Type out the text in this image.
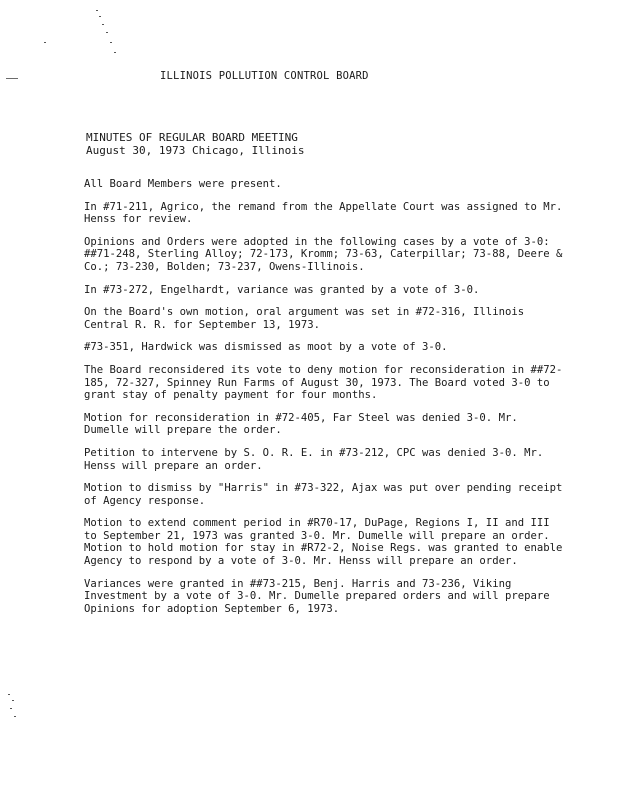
ILLINOIS POLLUTION CONTROL BOARD
MINUTES OF REGULAR BOARD MEETING
August 30, 1973 Chicago, Illinois

All Board Members were present.

In #71-211, Agrico, the remand from the Appellate Court was assigned to Mr. Henss for review.

Opinions and Orders were adopted in the following cases by a vote of 3-0: ##71-248, Sterling Alloy; 72-173, Kromm; 73-63, Caterpillar; 73-88, Deere & Co.; 73-230, Bolden; 73-237, Owens-Illinois.

In #73-272, Engelhardt, variance was granted by a vote of 3-0.

On the Board's own motion, oral argument was set in #72-316, Illinois Central R. R. for September 13, 1973.

#73-351, Hardwick was dismissed as moot by a vote of 3-0.

The Board reconsidered its vote to deny motion for reconsideration in ##72-185, 72-327, Spinney Run Farms of August 30, 1973. The Board voted 3-0 to grant stay of penalty payment for four months.

Motion for reconsideration in #72-405, Far Steel was denied 3-0. Mr. Dumelle will prepare the order.

Petition to intervene by S. O. R. E. in #73-212, CPC was denied 3-0. Mr. Henss will prepare an order.

Motion to dismiss by "Harris" in #73-322, Ajax was put over pending receipt of Agency response.

Motion to extend comment period in #R70-17, DuPage, Regions I, II and III to September 21, 1973 was granted 3-0. Mr. Dumelle will prepare an order.

Motion to hold motion for stay in #R72-2, Noise Regs. was granted to enable Agency to respond by a vote of 3-0. Mr. Henss will prepare an order.

Variances were granted in ##73-215, Benj. Harris and 73-236, Viking Investment by a vote of 3-0. Mr. Dumelle prepared orders and will prepare Opinions for adoption September 6, 1973.
